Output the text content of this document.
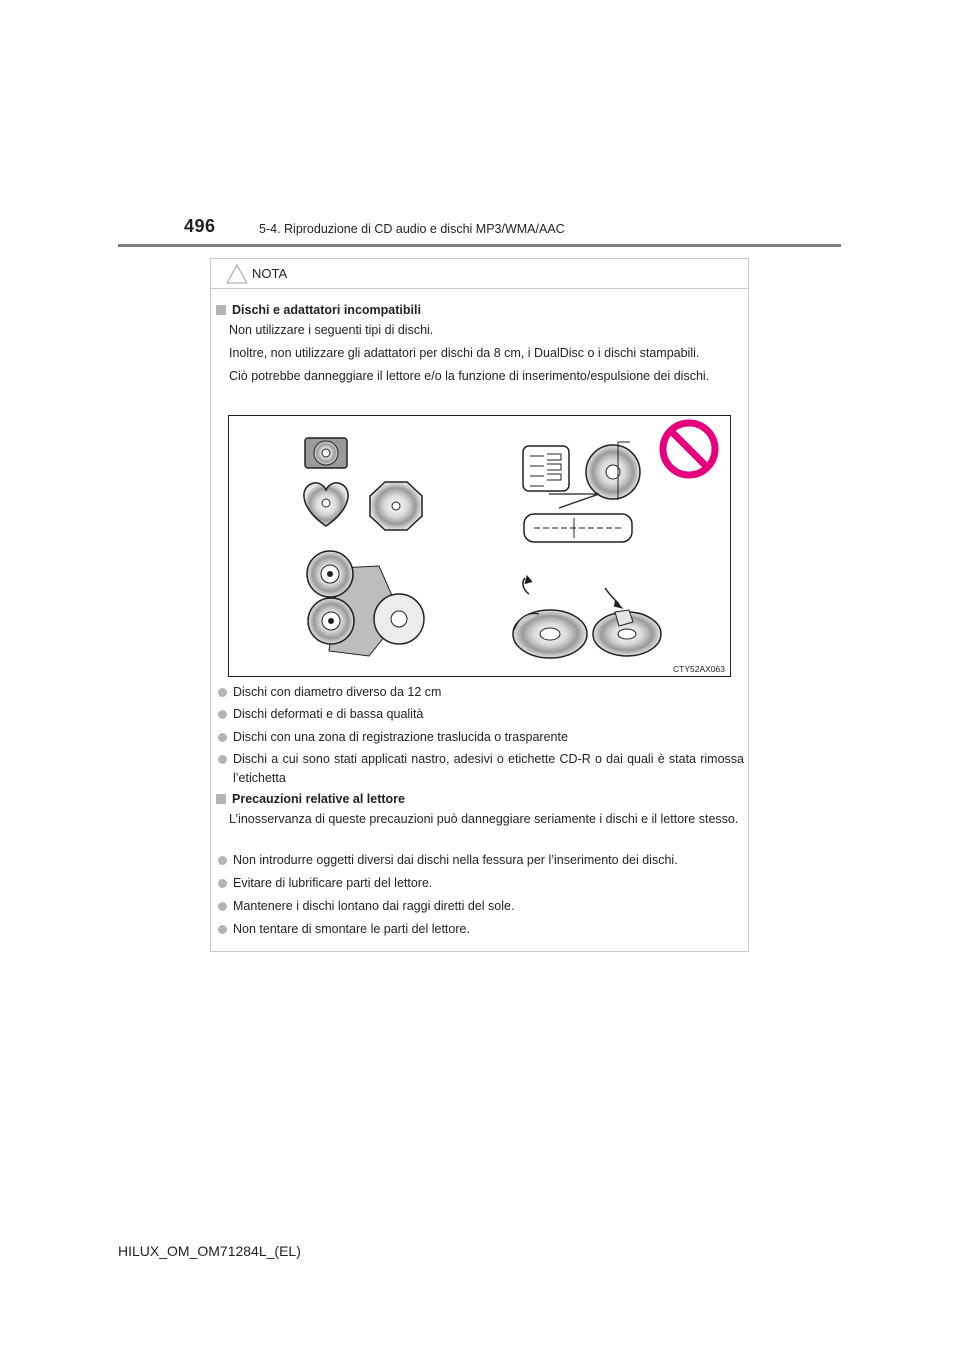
496	5-4. Riproduzione di CD audio e dischi MP3/WMA/AAC
NOTA
Dischi e adattatori incompatibili
Non utilizzare i seguenti tipi di dischi.
Inoltre, non utilizzare gli adattatori per dischi da 8 cm, i DualDisc o i dischi stampabili.
Ciò potrebbe danneggiare il lettore e/o la funzione di inserimento/espulsione dei dischi.
Dischi con diametro diverso da 12 cm
Dischi deformati e di bassa qualità
Dischi con una zona di registrazione traslucida o trasparente
Dischi a cui sono stati applicati nastro, adesivi o etichette CD-R o dai quali è stata rimossa l’etichetta
Precauzioni relative al lettore
L’inosservanza di queste precauzioni può danneggiare seriamente i dischi e il lettore stesso.
Non introdurre oggetti diversi dai dischi nella fessura per l’inserimento dei dischi.
Evitare di lubrificare parti del lettore.
Mantenere i dischi lontano dai raggi diretti del sole.
Non tentare di smontare le parti del lettore.
CTY52AX063
HILUX_OM_OM71284L_(EL)
